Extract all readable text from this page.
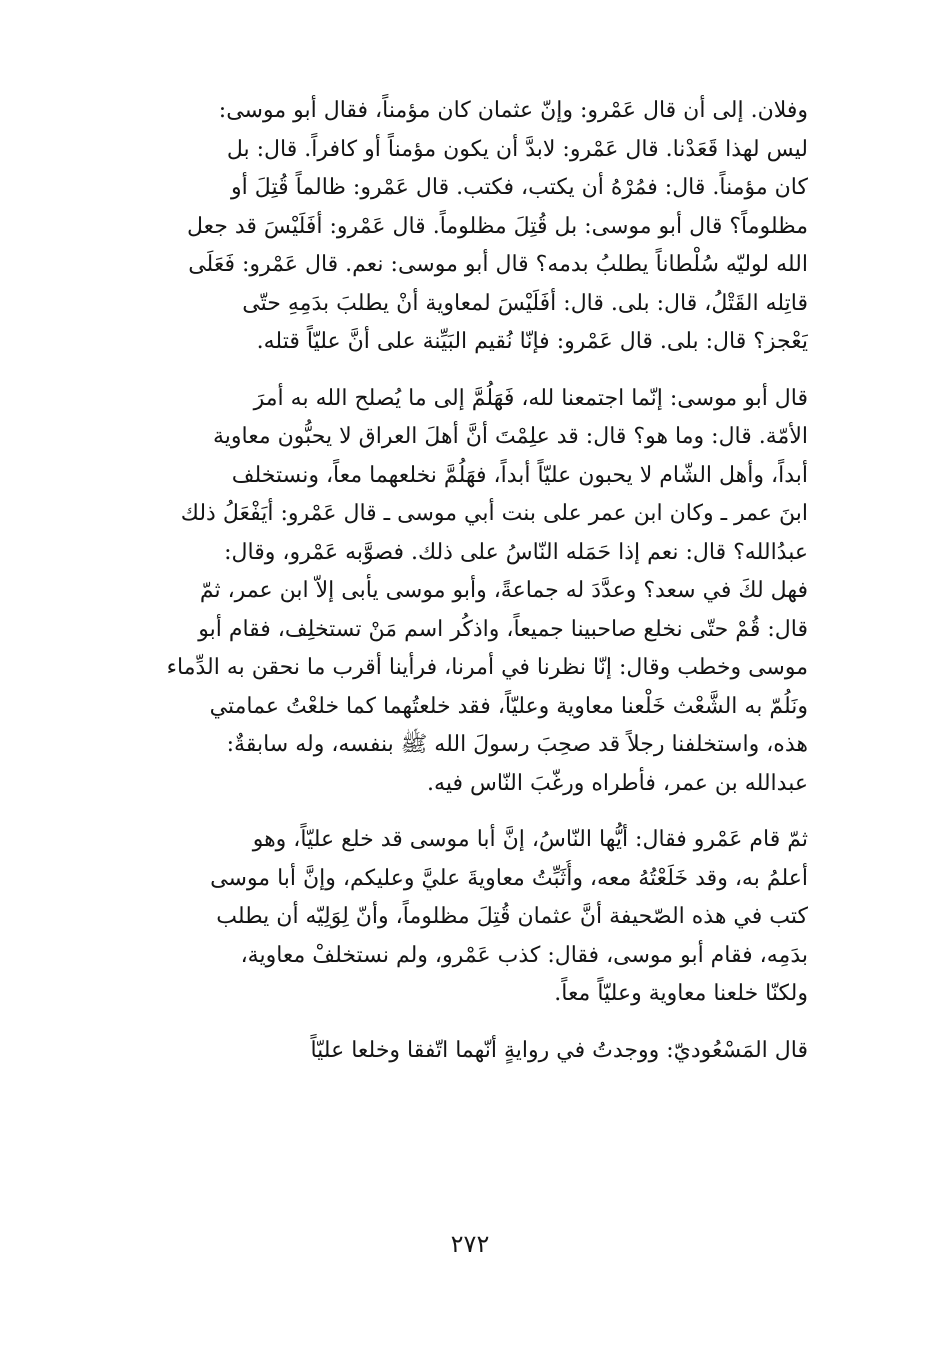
وفلان. إلى أن قال عَمْرو: وإنّ عثمان كان مؤمناً، فقال أبو موسى:
ليس لهذا قَعَدْنا. قال عَمْرو: لابدَّ أن يكون مؤمناً أو كافراً. قال: بل
كان مؤمناً. قال: فمُرْهُ أن يكتب، فكتب. قال عَمْرو: ظالماً قُتِلَ أو
مظلوماً؟ قال أبو موسى: بل قُتِلَ مظلوماً. قال عَمْرو: أفَلَيْسَ قد جعل
الله لوليّه سُلْطاناً يطلبُ بدمه؟ قال أبو موسى: نعم. قال عَمْرو: فَعَلَى
قاتِله القَتْلُ، قال: بلى. قال: أفَلَيْسَ لمعاوية أنْ يطلبَ بدَمِهِ حتّى
يَعْجز؟ قال: بلى. قال عَمْرو: فإنّا نُقيم البَيِّنة على أنَّ عليّاً قتله.
قال أبو موسى: إنّما اجتمعنا لله، فَهَلُمَّ إلى ما يُصلح الله به أمرَ
الأمّة. قال: وما هو؟ قال: قد علِمْتَ أنَّ أهلَ العراق لا يحبُّون معاوية
أبداً، وأهل الشّام لا يحبون عليّاً أبداً، فهَلُمَّ نخلعهما معاً، ونستخلف
ابنَ عمر ـ وكان ابن عمر على بنت أبي موسى ـ قال عَمْرو: أيَفْعَلُ ذلك
عبدُالله؟ قال: نعم إذا حَمَله النّاسُ على ذلك. فصوَّبه عَمْرو، وقال:
فهل لكَ في سعد؟ وعدَّدَ له جماعةً، وأبو موسى يأبى إلاّ ابن عمر، ثمّ
قال: قُمْ حتّى نخلع صاحبينا جميعاً، واذكُر اسم مَنْ تستخلِف، فقام أبو
موسى وخطب وقال: إنّا نظرنا في أمرنا، فرأينا أقرب ما نحقن به الدِّماء
ونَلُمّ به الشَّعْث خَلْعنا معاوية وعليّاً، فقد خلعتُهما كما خلعْتُ عمامتي
هذه، واستخلفنا رجلاً قد صحِبَ رسولَ الله ﷺ بنفسه، وله سابقةٌ:
عبدالله بن عمر، فأطراه ورغّبَ النّاس فيه.
ثمّ قام عَمْرو فقال: أيُّها النّاسُ، إنَّ أبا موسى قد خلع عليّاً، وهو
أعلمُ به، وقد خَلَعْتُهُ معه، وأُثَبِّتُ معاويةَ عليَّ وعليكم، وإنَّ أبا موسى
كتب في هذه الصّحيفة أنَّ عثمان قُتِلَ مظلوماً، وأنّ لِوَلِيّه أن يطلب
بدَمِه، فقام أبو موسى، فقال: كذب عَمْرو، ولم نستخلفْ معاوية،
ولكنّا خلعنا معاوية وعليّاً معاً.
قال المَسْعُوديّ: ووجدتُ في روايةٍ أنّهما اتّفقا وخلعا عليّاً
٢٧٢
